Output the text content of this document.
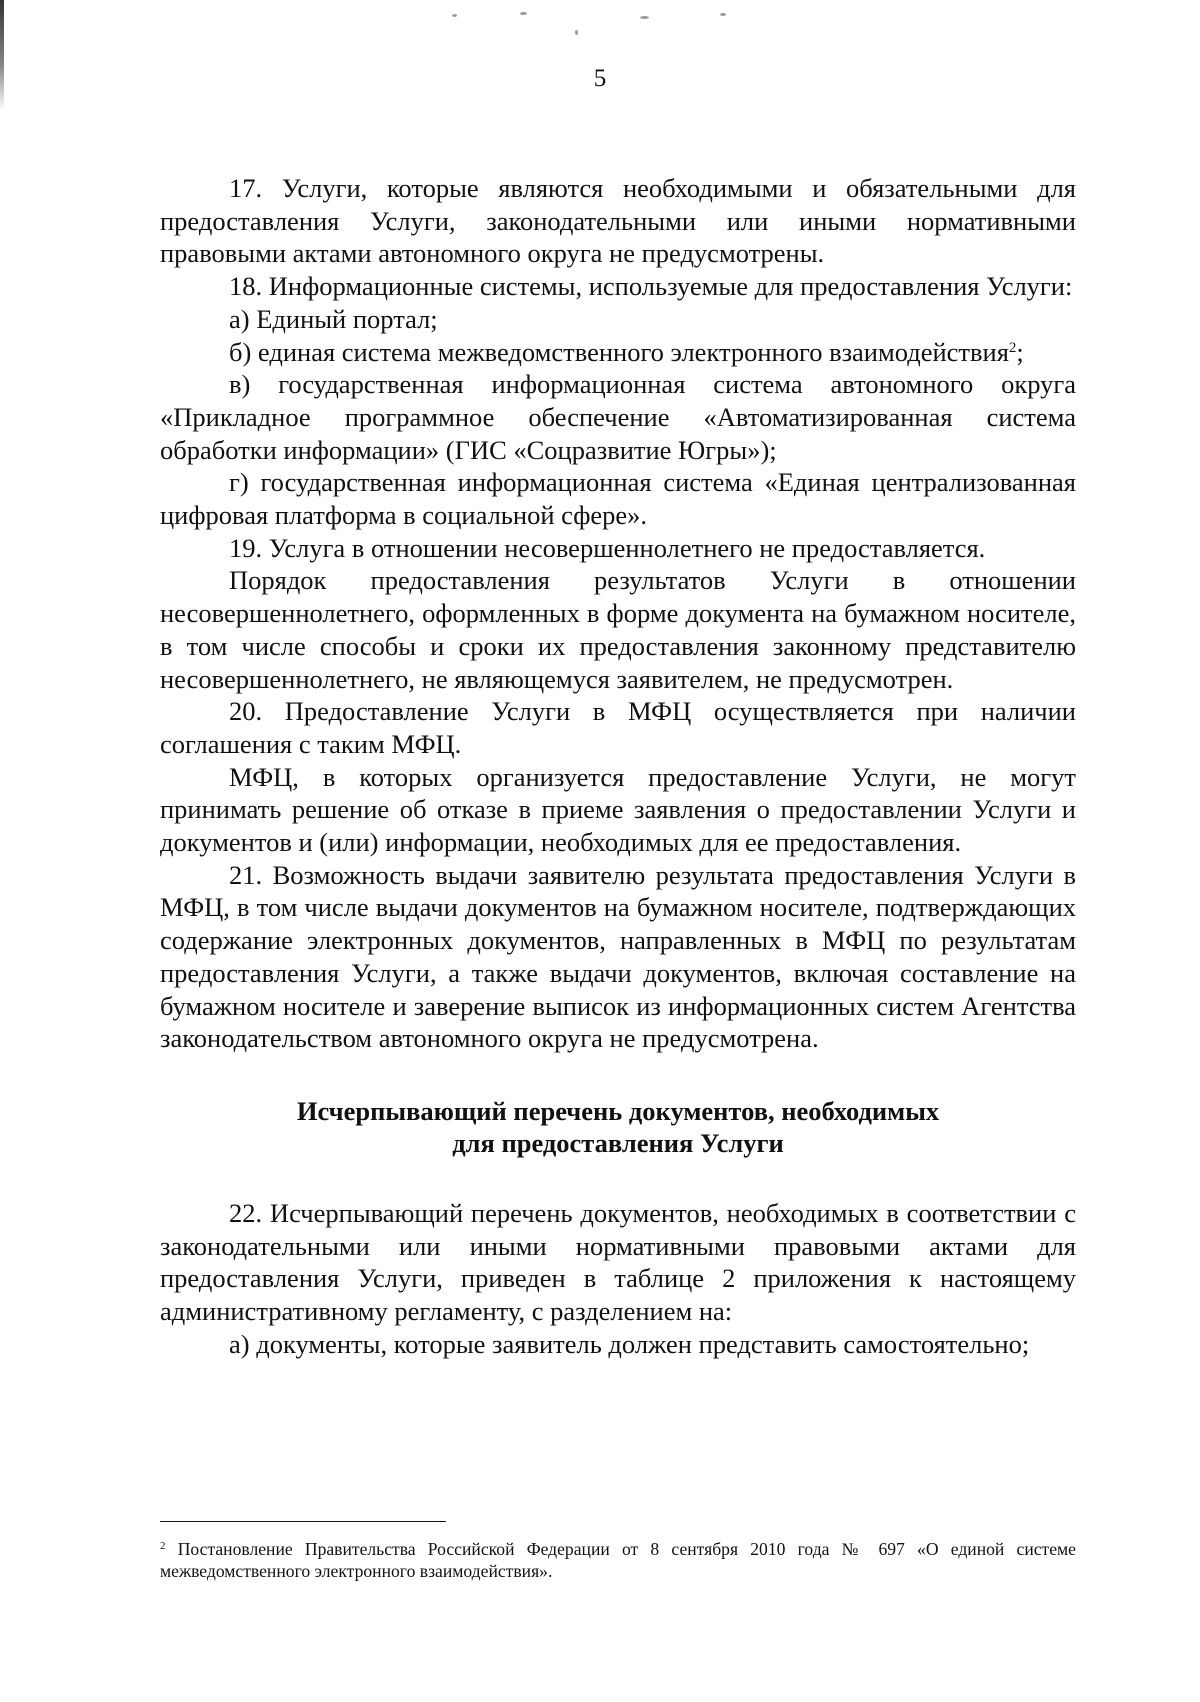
5

17. Услуги, которые являются необходимыми и обязательными для предоставления Услуги, законодательными или иными нормативными правовыми актами автономного округа не предусмотрены.

18. Информационные системы, используемые для предоставления Услуги:

а) Единый портал;

б) единая система межведомственного электронного взаимодействия$^2$;

в) государственная информационная система автономного округа «Прикладное программное обеспечение «Автоматизированная система обработки информации» (ГИС «Соцразвитие Югры»);

г) государственная информационная система «Единая централизованная цифровая платформа в социальной сфере».

19. Услуга в отношении несовершеннолетнего не предоставляется.

Порядок предоставления результатов Услуги в отношении несовершеннолетнего, оформленных в форме документа на бумажном носителе, в том числе способы и сроки их предоставления законному представителю несовершеннолетнего, не являющемуся заявителем, не предусмотрен.

20. Предоставление Услуги в МФЦ осуществляется при наличии соглашения с таким МФЦ.

МФЦ, в которых организуется предоставление Услуги, не могут принимать решение об отказе в приеме заявления о предоставлении Услуги и документов и (или) информации, необходимых для ее предоставления.

21. Возможность выдачи заявителю результата предоставления Услуги в МФЦ, в том числе выдачи документов на бумажном носителе, подтверждающих содержание электронных документов, направленных в МФЦ по результатам предоставления Услуги, а также выдачи документов, включая составление на бумажном носителе и заверение выписок из информационных систем Агентства законодательством автономного округа не предусмотрена.

Исчерпывающий перечень документов, необходимых
для предоставления Услуги

22. Исчерпывающий перечень документов, необходимых в соответствии с законодательными или иными нормативными правовыми актами для предоставления Услуги, приведен в таблице 2 приложения к настоящему административному регламенту, с разделением на:

а) документы, которые заявитель должен представить самостоятельно;

$^2$ Постановление Правительства Российской Федерации от 8 сентября 2010 года № 697 «О единой системе межведомственного электронного взаимодействия».
